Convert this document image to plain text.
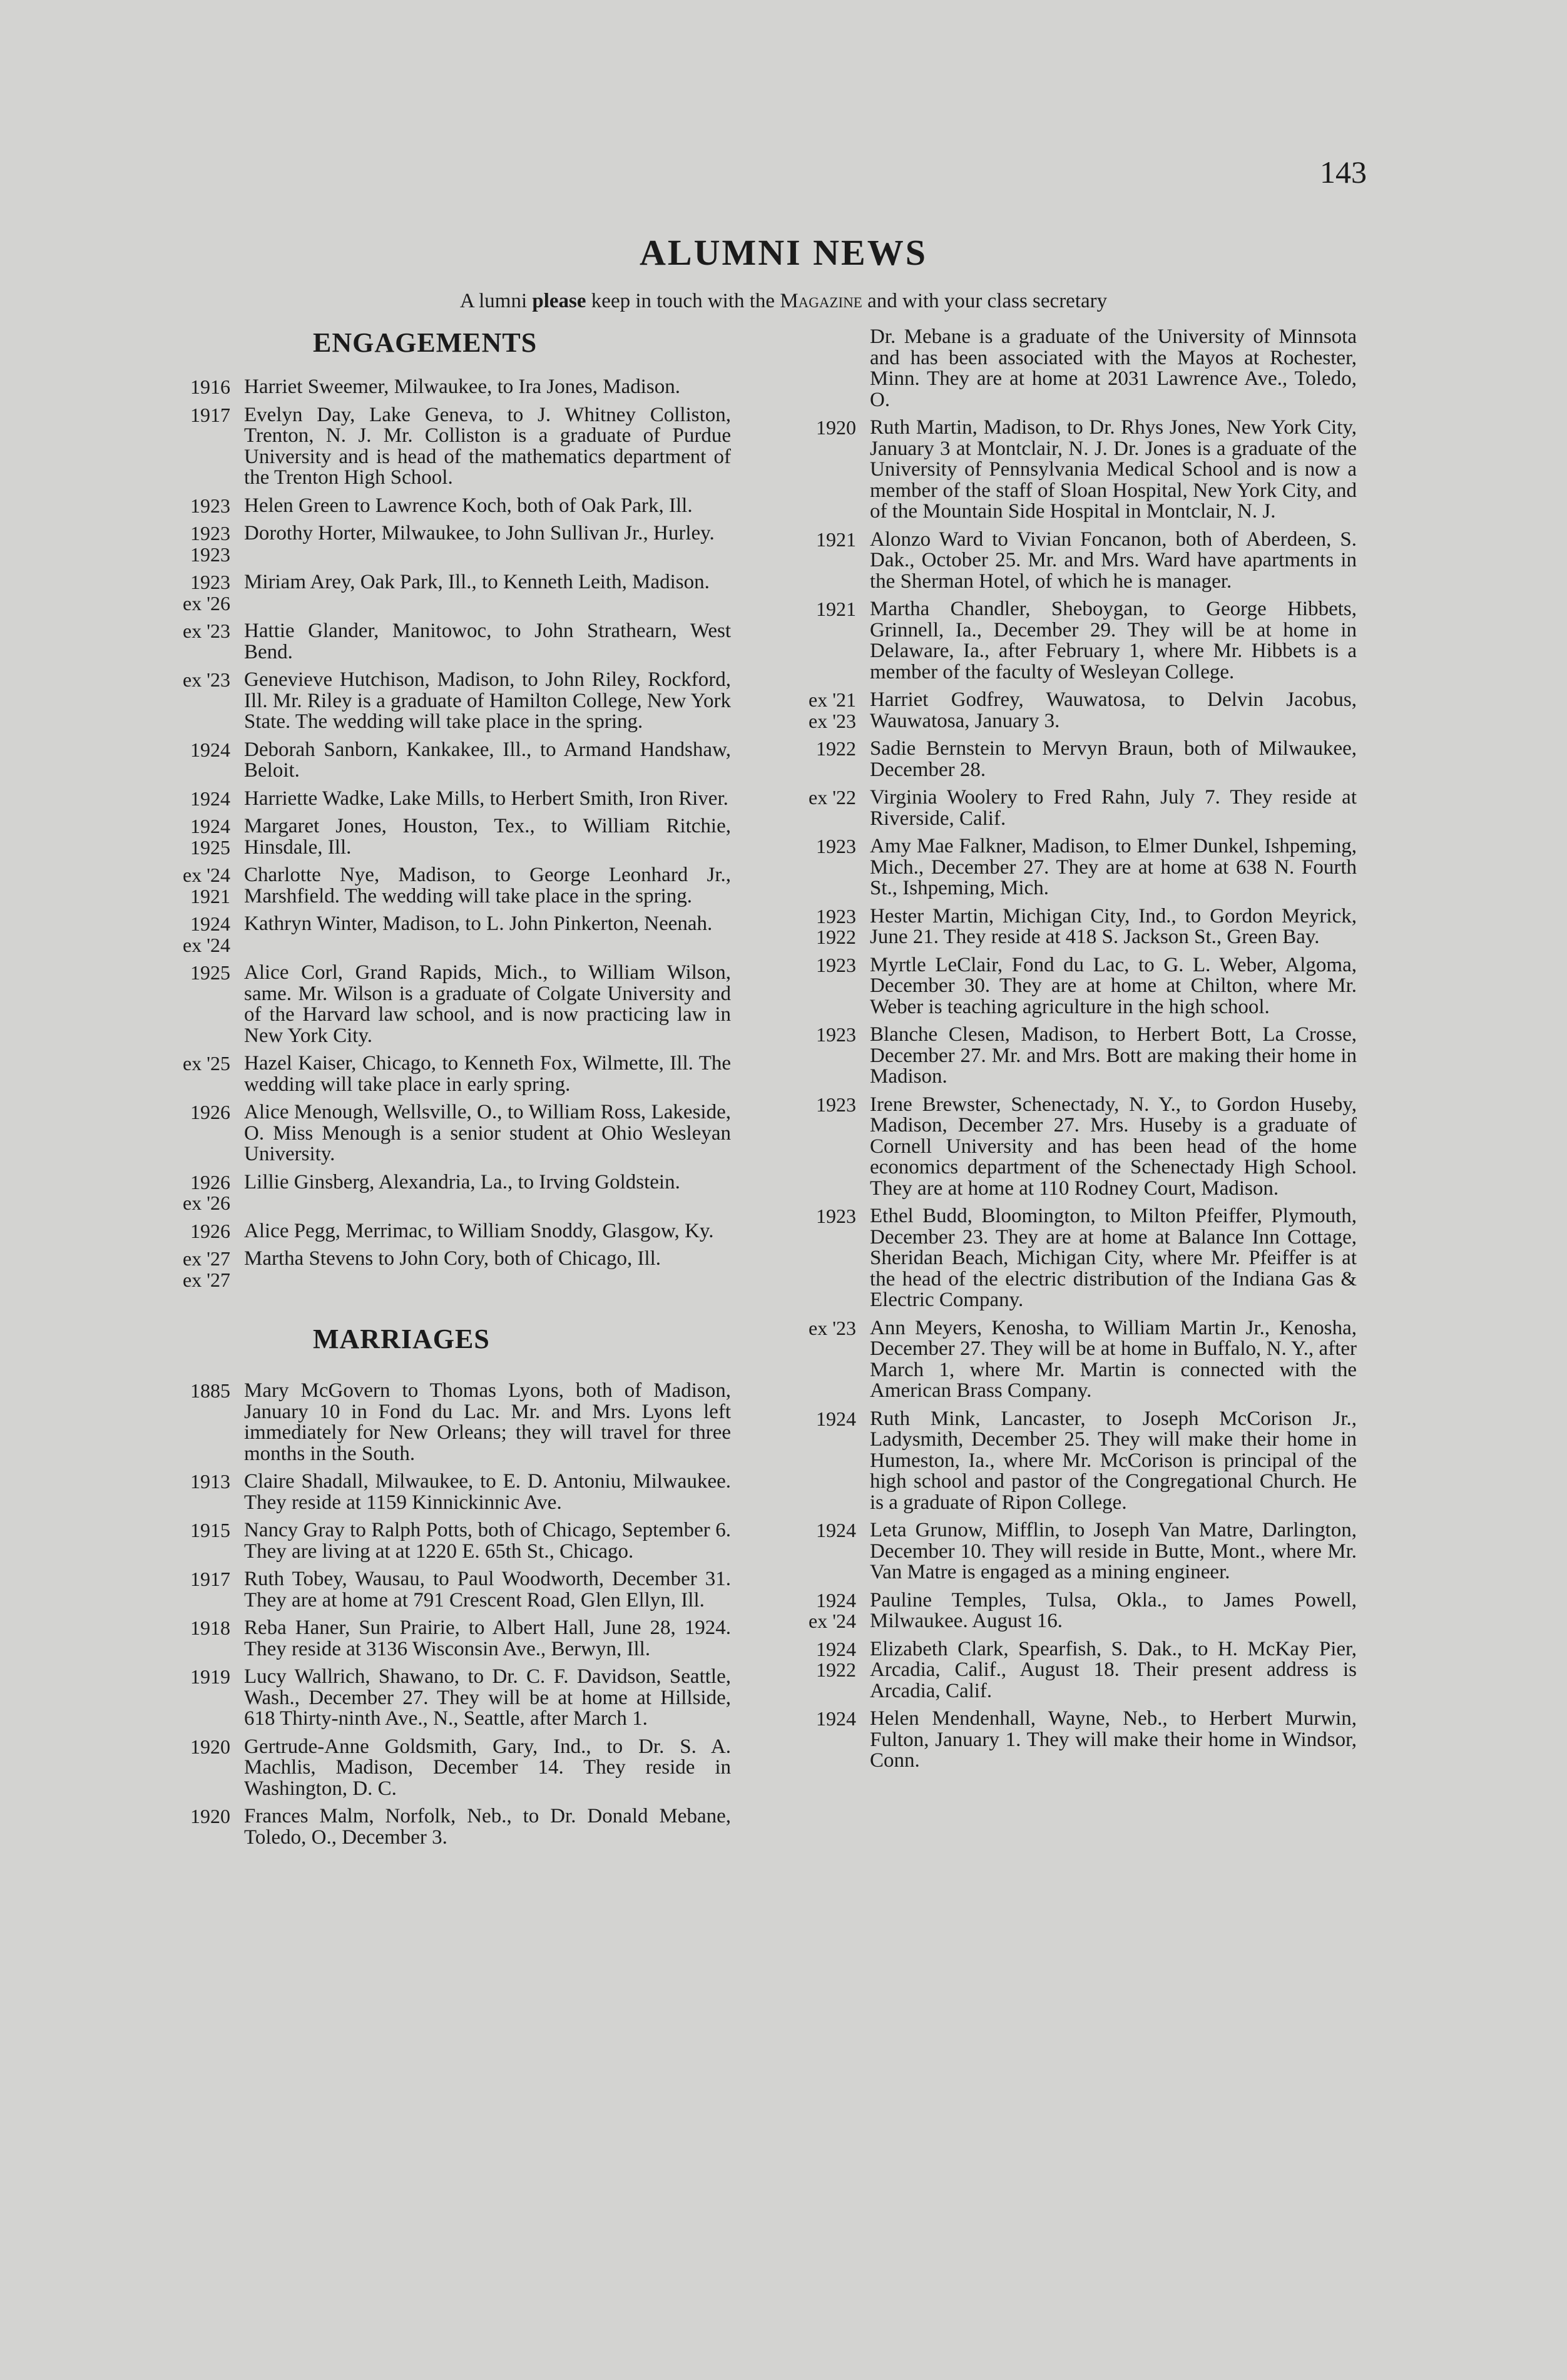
143
ALUMNI NEWS
A lumni please keep in touch with the Magazine and with your class secretary
ENGAGEMENTS
1916 Harriet Sweemer, Milwaukee, to Ira Jones, Madison.
1917 Evelyn Day, Lake Geneva, to J. Whitney Colliston, Trenton, N. J. Mr. Colliston is a graduate of Purdue University and is head of the mathematics department of the Trenton High School.
1923 Helen Green to Lawrence Koch, both of Oak Park, Ill.
1923
1923
Dorothy Horter, Milwaukee, to John Sullivan Jr., Hurley.
1923
ex '26
Miriam Arey, Oak Park, Ill., to Kenneth Leith, Madison.
ex '23 Hattie Glander, Manitowoc, to John Strathearn, West Bend.
ex '23 Genevieve Hutchison, Madison, to John Riley, Rockford, Ill. Mr. Riley is a graduate of Hamilton College, New York State. The wedding will take place in the spring.
1924 Deborah Sanborn, Kankakee, Ill., to Armand Handshaw, Beloit.
1924 Harriette Wadke, Lake Mills, to Herbert Smith, Iron River.
1924
1925
Margaret Jones, Houston, Tex., to William Ritchie, Hinsdale, Ill.
ex '24
1921
Charlotte Nye, Madison, to George Leonhard Jr., Marshfield. The wedding will take place in the spring.
1924
ex '24
Kathryn Winter, Madison, to L. John Pinkerton, Neenah.
1925 Alice Corl, Grand Rapids, Mich., to William Wilson, same. Mr. Wilson is a graduate of Colgate University and of the Harvard law school, and is now practicing law in New York City.
ex '25 Hazel Kaiser, Chicago, to Kenneth Fox, Wilmette, Ill. The wedding will take place in early spring.
1926 Alice Menough, Wellsville, O., to William Ross, Lakeside, O. Miss Menough is a senior student at Ohio Wesleyan University.
1926
ex '26
Lillie Ginsberg, Alexandria, La., to Irving Goldstein.
1926 Alice Pegg, Merrimac, to William Snoddy, Glasgow, Ky.
ex '27
ex '27
Martha Stevens to John Cory, both of Chicago, Ill.
MARRIAGES
1885 Mary McGovern to Thomas Lyons, both of Madison, January 10 in Fond du Lac. Mr. and Mrs. Lyons left immediately for New Orleans; they will travel for three months in the South.
1913 Claire Shadall, Milwaukee, to E. D. Antoniu, Milwaukee. They reside at 1159 Kinnickinnic Ave.
1915 Nancy Gray to Ralph Potts, both of Chicago, September 6. They are living at at 1220 E. 65th St., Chicago.
1917 Ruth Tobey, Wausau, to Paul Woodworth, December 31. They are at home at 791 Crescent Road, Glen Ellyn, Ill.
1918 Reba Haner, Sun Prairie, to Albert Hall, June 28, 1924. They reside at 3136 Wisconsin Ave., Berwyn, Ill.
1919 Lucy Wallrich, Shawano, to Dr. C. F. Davidson, Seattle, Wash., December 27. They will be at home at Hillside, 618 Thirty-ninth Ave., N., Seattle, after March 1.
1920 Gertrude-Anne Goldsmith, Gary, Ind., to Dr. S. A. Machlis, Madison, December 14. They reside in Washington, D. C.
1920 Frances Malm, Norfolk, Neb., to Dr. Donald Mebane, Toledo, O., December 3.
Dr. Mebane is a graduate of the University of Minnsota and has been associated with the Mayos at Rochester, Minn. They are at home at 2031 Lawrence Ave., Toledo, O.
1920 Ruth Martin, Madison, to Dr. Rhys Jones, New York City, January 3 at Montclair, N. J. Dr. Jones is a graduate of the University of Pennsylvania Medical School and is now a member of the staff of Sloan Hospital, New York City, and of the Mountain Side Hospital in Montclair, N. J.
1921 Alonzo Ward to Vivian Foncanon, both of Aberdeen, S. Dak., October 25. Mr. and Mrs. Ward have apartments in the Sherman Hotel, of which he is manager.
1921 Martha Chandler, Sheboygan, to George Hibbets, Grinnell, Ia., December 29. They will be at home in Delaware, Ia., after February 1, where Mr. Hibbets is a member of the faculty of Wesleyan College.
ex '21
ex '23
Harriet Godfrey, Wauwatosa, to Delvin Jacobus, Wauwatosa, January 3.
1922 Sadie Bernstein to Mervyn Braun, both of Milwaukee, December 28.
ex '22 Virginia Woolery to Fred Rahn, July 7. They reside at Riverside, Calif.
1923 Amy Mae Falkner, Madison, to Elmer Dunkel, Ishpeming, Mich., December 27. They are at home at 638 N. Fourth St., Ishpeming, Mich.
1923
1922
Hester Martin, Michigan City, Ind., to Gordon Meyrick, June 21. They reside at 418 S. Jackson St., Green Bay.
1923 Myrtle LeClair, Fond du Lac, to G. L. Weber, Algoma, December 30. They are at home at Chilton, where Mr. Weber is teaching agriculture in the high school.
1923 Blanche Clesen, Madison, to Herbert Bott, La Crosse, December 27. Mr. and Mrs. Bott are making their home in Madison.
1923 Irene Brewster, Schenectady, N. Y., to Gordon Huseby, Madison, December 27. Mrs. Huseby is a graduate of Cornell University and has been head of the home economics department of the Schenectady High School. They are at home at 110 Rodney Court, Madison.
1923 Ethel Budd, Bloomington, to Milton Pfeiffer, Plymouth, December 23. They are at home at Balance Inn Cottage, Sheridan Beach, Michigan City, where Mr. Pfeiffer is at the head of the electric distribution of the Indiana Gas & Electric Company.
ex '23 Ann Meyers, Kenosha, to William Martin Jr., Kenosha, December 27. They will be at home in Buffalo, N. Y., after March 1, where Mr. Martin is connected with the American Brass Company.
1924 Ruth Mink, Lancaster, to Joseph McCorison Jr., Ladysmith, December 25. They will make their home in Humeston, Ia., where Mr. McCorison is principal of the high school and pastor of the Congregational Church. He is a graduate of Ripon College.
1924 Leta Grunow, Mifflin, to Joseph Van Matre, Darlington, December 10. They will reside in Butte, Mont., where Mr. Van Matre is engaged as a mining engineer.
1924
ex '24
Pauline Temples, Tulsa, Okla., to James Powell, Milwaukee. August 16.
1924
1922
Elizabeth Clark, Spearfish, S. Dak., to H. McKay Pier, Arcadia, Calif., August 18. Their present address is Arcadia, Calif.
1924 Helen Mendenhall, Wayne, Neb., to Herbert Murwin, Fulton, January 1. They will make their home in Windsor, Conn.
